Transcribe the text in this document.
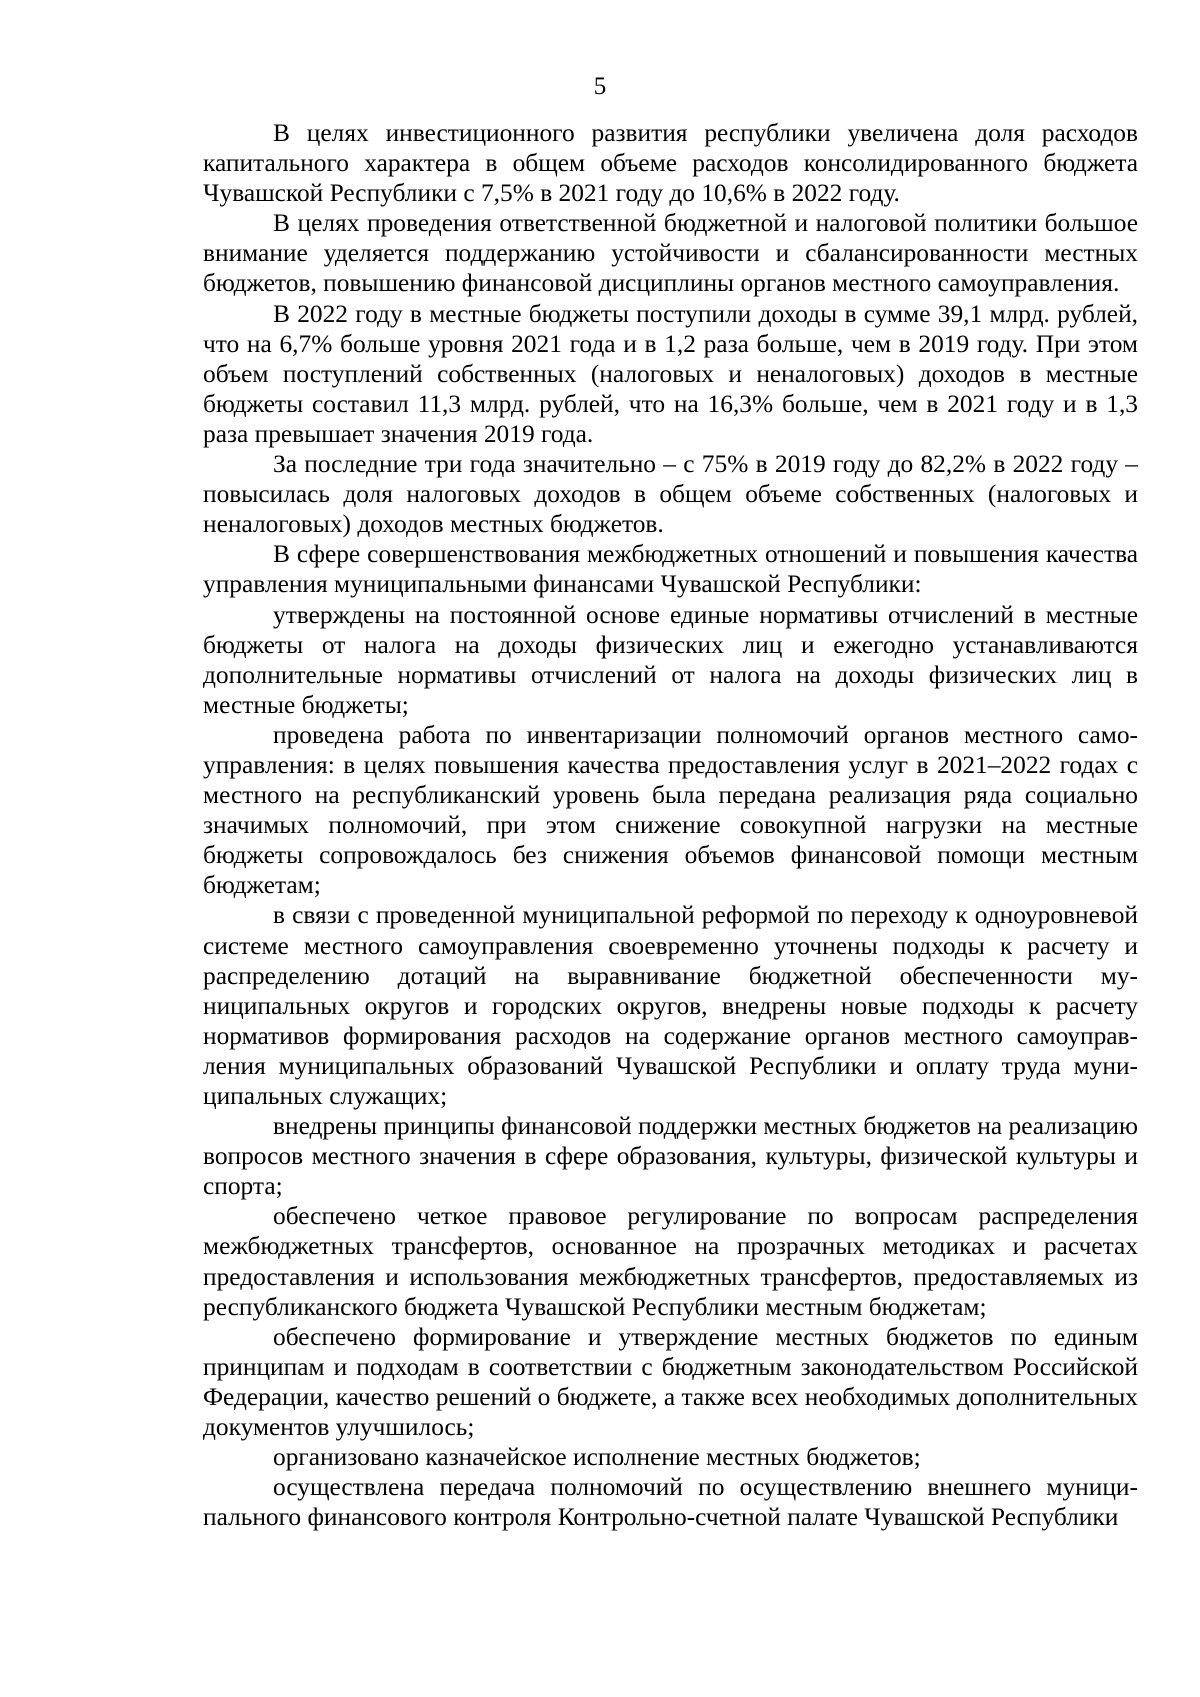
5

В целях инвестиционного развития республики увеличена доля расходов капитального характера в общем объеме расходов консолидированного бюджета Чувашской Республики с 7,5% в 2021 году до 10,6% в 2022 году.

В целях проведения ответственной бюджетной и налоговой политики большое внимание уделяется поддержанию устойчивости и сбалансированности местных бюджетов, повышению финансовой дисциплины органов местного самоуправления.

В 2022 году в местные бюджеты поступили доходы в сумме 39,1 млрд. рублей, что на 6,7% больше уровня 2021 года и в 1,2 раза больше, чем в 2019 году. При этом объем поступлений собственных (налоговых и неналоговых) доходов в местные бюджеты составил 11,3 млрд. рублей, что на 16,3% больше, чем в 2021 году и в 1,3 раза превышает значения 2019 года.

За последние три года значительно – с 75% в 2019 году до 82,2% в 2022 году – повысилась доля налоговых доходов в общем объеме собственных (налоговых и неналоговых) доходов местных бюджетов.

В сфере совершенствования межбюджетных отношений и повышения качества управления муниципальными финансами Чувашской Республики:

утверждены на постоянной основе единые нормативы отчислений в местные бюджеты от налога на доходы физических лиц и ежегодно устанавливаются дополнительные нормативы отчислений от налога на доходы физических лиц в местные бюджеты;

проведена работа по инвентаризации полномочий органов местного самоуправления: в целях повышения качества предоставления услуг в 2021–2022 годах с местного на республиканский уровень была передана реализация ряда социально значимых полномочий, при этом снижение совокупной нагрузки на местные бюджеты сопровождалось без снижения объемов финансовой помощи местным бюджетам;

в связи с проведенной муниципальной реформой по переходу к одноуровневой системе местного самоуправления своевременно уточнены подходы к расчету и распределению дотаций на выравнивание бюджетной обеспеченности муниципальных округов и городских округов, внедрены новые подходы к расчету нормативов формирования расходов на содержание органов местного самоуправления муниципальных образований Чувашской Республики и оплату труда муниципальных служащих;

внедрены принципы финансовой поддержки местных бюджетов на реализацию вопросов местного значения в сфере образования, культуры, физической культуры и спорта;

обеспечено четкое правовое регулирование по вопросам распределения межбюджетных трансфертов, основанное на прозрачных методиках и расчетах предоставления и использования межбюджетных трансфертов, предоставляемых из республиканского бюджета Чувашской Республики местным бюджетам;

обеспечено формирование и утверждение местных бюджетов по единым принципам и подходам в соответствии с бюджетным законодательством Российской Федерации, качество решений о бюджете, а также всех необходимых дополнительных документов улучшилось;

организовано казначейское исполнение местных бюджетов;

осуществлена передача полномочий по осуществлению внешнего муниципального финансового контроля Контрольно-счетной палате Чувашской Республики
